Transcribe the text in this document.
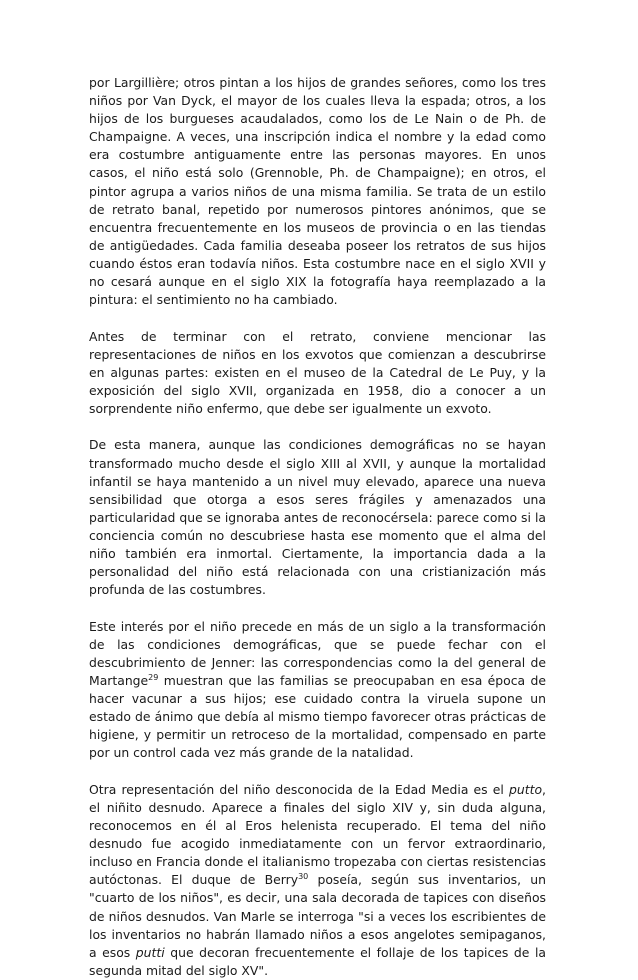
por Largillière; otros pintan a los hijos de grandes señores, como los tres niños por Van Dyck, el mayor de los cuales lleva la espada; otros, a los hijos de los burgueses acaudalados, como los de Le Nain o de Ph. de Champaigne. A veces, una inscripción indica el nombre y la edad como era costumbre antiguamente entre las personas mayores. En unos casos, el niño está solo (Grennoble, Ph. de Champaigne); en otros, el pintor agrupa a varios niños de una misma familia. Se trata de un estilo de retrato banal, repetido por numerosos pintores anónimos, que se encuentra frecuentemente en los museos de provincia o en las tiendas de antigüedades. Cada familia deseaba poseer los retratos de sus hijos cuando éstos eran todavía niños. Esta costumbre nace en el siglo XVII y no cesará aunque en el siglo XIX la fotografía haya reemplazado a la pintura: el sentimiento no ha cambiado.

Antes de terminar con el retrato, conviene mencionar las representaciones de niños en los exvotos que comienzan a descubrirse en algunas partes: existen en el museo de la Catedral de Le Puy, y la exposición del siglo XVII, organizada en 1958, dio a conocer a un sorprendente niño enfermo, que debe ser igualmente un exvoto.

De esta manera, aunque las condiciones demográficas no se hayan transformado mucho desde el siglo XIII al XVII, y aunque la mortalidad infantil se haya mantenido a un nivel muy elevado, aparece una nueva sensibilidad que otorga a esos seres frágiles y amenazados una particularidad que se ignoraba antes de reconocérsela: parece como si la conciencia común no descubriese hasta ese momento que el alma del niño también era inmortal. Ciertamente, la importancia dada a la personalidad del niño está relacionada con una cristianización más profunda de las costumbres.

Este interés por el niño precede en más de un siglo a la transformación de las condiciones demográficas, que se puede fechar con el descubrimiento de Jenner: las correspondencias como la del general de Martange$^{29}$ muestran que las familias se preocupaban en esa época de hacer vacunar a sus hijos; ese cuidado contra la viruela supone un estado de ánimo que debía al mismo tiempo favorecer otras prácticas de higiene, y permitir un retroceso de la mortalidad, compensado en parte por un control cada vez más grande de la natalidad.

Otra representación del niño desconocida de la Edad Media es el putto, el niñito desnudo. Aparece a finales del siglo XIV y, sin duda alguna, reconocemos en él al Eros helenista recuperado. El tema del niño desnudo fue acogido inmediatamente con un fervor extraordinario, incluso en Francia donde el italianismo tropezaba con ciertas resistencias autóctonas. El duque de Berry$^{30}$ poseía, según sus inventarios, un "cuarto de los niños", es decir, una sala decorada de tapices con diseños de niños desnudos. Van Marle se interroga "si a veces los escribientes de los inventarios no habrán llamado niños a esos angelotes semipaganos, a esos putti que decoran frecuentemente el follaje de los tapices de la segunda mitad del siglo XV".
